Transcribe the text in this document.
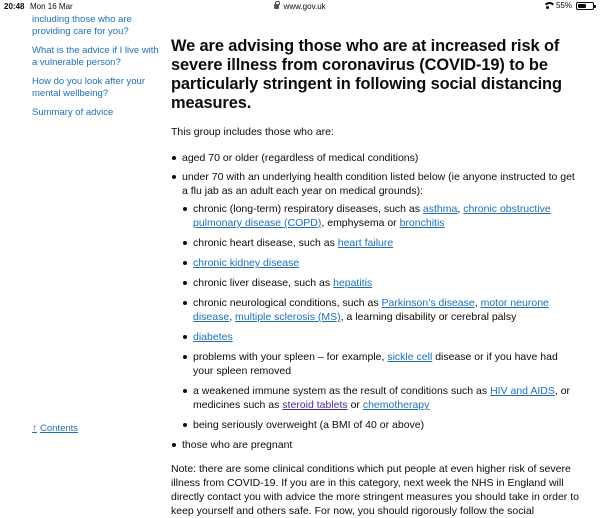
20:48 Mon 16 Mar	www.gov.uk	55%
including those who are providing care for you?
What is the advice if I live with a vulnerable person?
How do you look after your mental wellbeing?
Summary of advice
↑ Contents
We are advising those who are at increased risk of severe illness from coronavirus (COVID-19) to be particularly stringent in following social distancing measures.

This group includes those who are:

aged 70 or older (regardless of medical conditions)
under 70 with an underlying health condition listed below (ie anyone instructed to get a flu jab as an adult each year on medical grounds):
chronic (long-term) respiratory diseases, such as asthma, chronic obstructive pulmonary disease (COPD), emphysema or bronchitis
chronic heart disease, such as heart failure
chronic kidney disease
chronic liver disease, such as hepatitis
chronic neurological conditions, such as Parkinson’s disease, motor neurone disease, multiple sclerosis (MS), a learning disability or cerebral palsy
diabetes
problems with your spleen – for example, sickle cell disease or if you have had your spleen removed
a weakened immune system as the result of conditions such as HIV and AIDS, or medicines such as steroid tablets or chemotherapy
being seriously overweight (a BMI of 40 or above)
those who are pregnant

Note: there are some clinical conditions which put people at even higher risk of severe illness from COVID-19. If you are in this category, next week the NHS in England will directly contact you with advice the more stringent measures you should take in order to keep yourself and others safe. For now, you should rigorously follow the social
